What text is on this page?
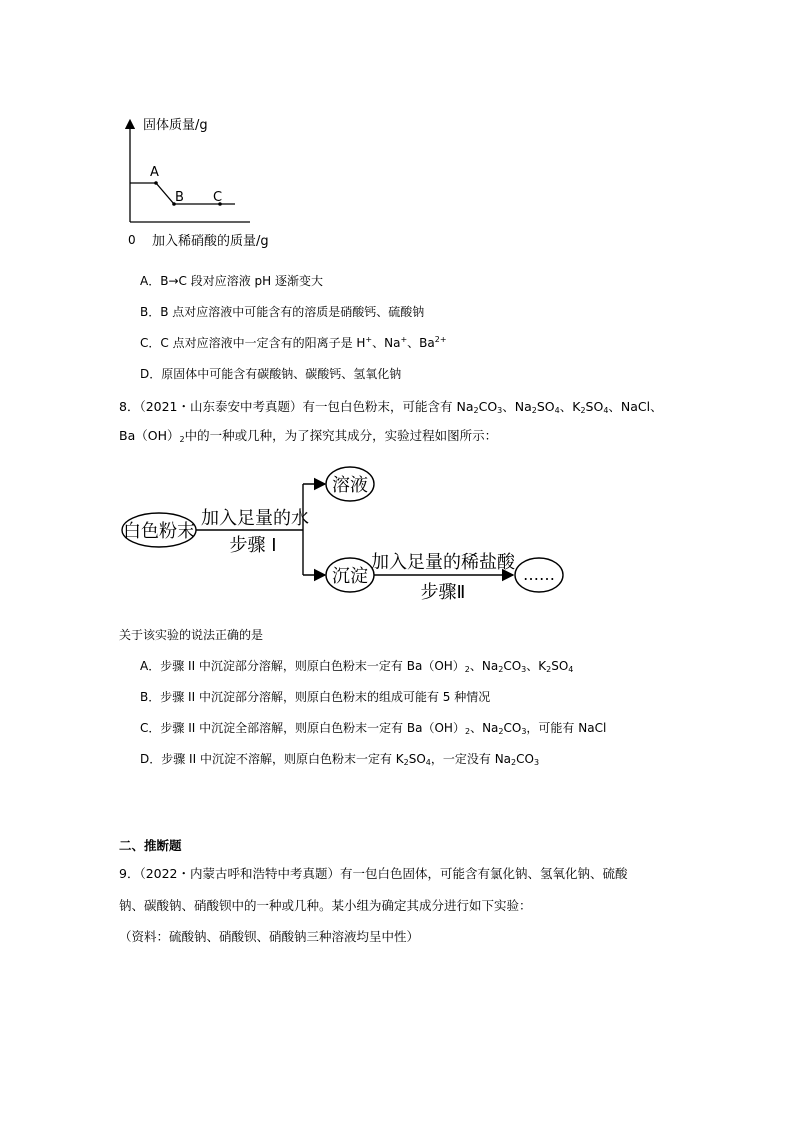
固体质量/g
A
B C
0 加入稀硝酸的质量/g
A．B→C 段对应溶液 pH 逐渐变大
B．B 点对应溶液中可能含有的溶质是硝酸钙、硫酸钠
C．C 点对应溶液中一定含有的阳离子是 H+、Na+、$Ba^{2+}$
D．原固体中可能含有碳酸钠、碳酸钙、氢氧化钠
8．（2021・山东泰安中考真题）有一包白色粉末，可能含有 $Na_2CO_3$、$Na_2SO_4$、$K_2SO_4$、NaCl、
$Ba(OH)_2$中的一种或几种，为了探究其成分，实验过程如图所示：
白色粉末
加入足量的水
步骤 I
溶液
沉淀
加入足量的稀盐酸
步骤Ⅱ
……
关于该实验的说法正确的是
A．步骤 II 中沉淀部分溶解，则原白色粉末一定有 $Ba(OH)_2$、$Na_2CO_3$、$K_2SO_4$
B．步骤 II 中沉淀部分溶解，则原白色粉末的组成可能有 5 种情况
C．步骤 II 中沉淀全部溶解，则原白色粉末一定有 $Ba(OH)_2$、$Na_2CO_3$，可能有 NaCl
D．步骤 II 中沉淀不溶解，则原白色粉末一定有 $K_2SO_4$，一定没有 $Na_2CO_3$
二、推断题
9．（2022・内蒙古呼和浩特中考真题）有一包白色固体，可能含有氯化钠、氢氧化钠、硫酸
钠、碳酸钠、硝酸钡中的一种或几种。某小组为确定其成分进行如下实验：
（资料：硫酸钠、硝酸钡、硝酸钠三种溶液均呈中性）
